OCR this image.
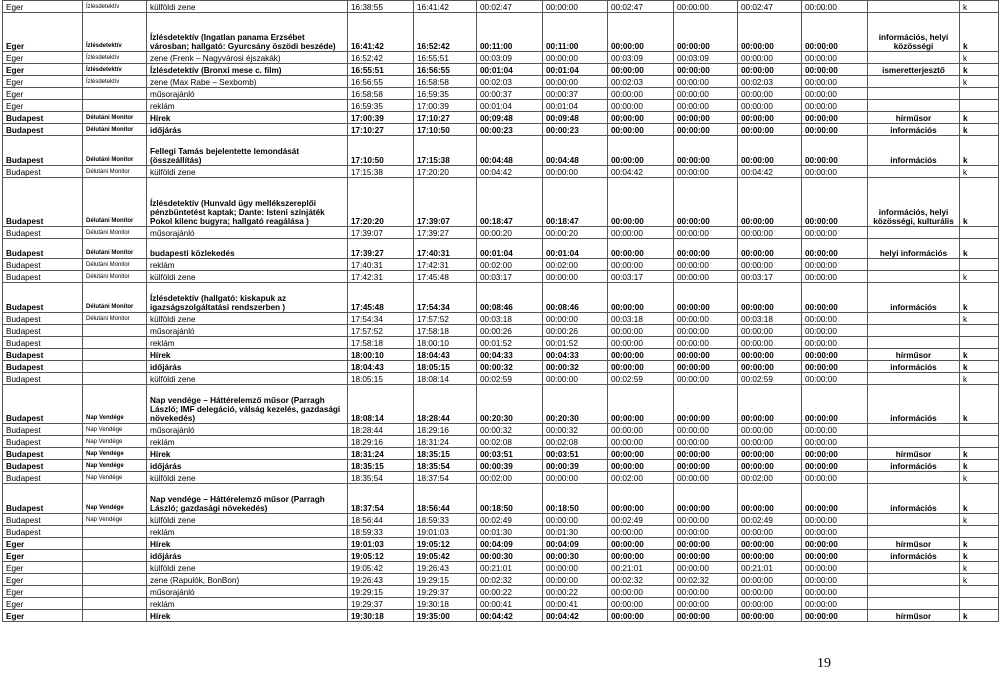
Eger	Ízlésdetektív	külföldi zene	16:38:55	16:41:42	00:02:47	00:00:00	00:02:47	00:00:00	00:02:47	00:00:00		k
Eger	Ízlésdetektív	Ízlésdetektív (Ingatlan panama Erzsébet városban; hallgató: Gyurcsány öszödi beszéde)	16:41:42	16:52:42	00:11:00	00:11:00	00:00:00	00:00:00	00:00:00	00:00:00	információs, helyi közösségi	k
Eger	Ízlésdetektív	zene (Frenk – Nagyvárosi éjszakák)	16:52:42	16:55:51	00:03:09	00:00:00	00:03:09	00:03:09	00:00:00	00:00:00		k
Eger	Ízlésdetektív	Ízlésdetektív (Bronxi mese c. film)	16:55:51	16:56:55	00:01:04	00:01:04	00:00:00	00:00:00	00:00:00	00:00:00	ismeretterjesztő	k
Eger	Ízlésdetektív	zene (Max Rabe – Sexbomb)	16:56:55	16:58:58	00:02:03	00:00:00	00:02:03	00:00:00	00:02:03	00:00:00		k
Eger		műsorajánló	16:58:58	16:59:35	00:00:37	00:00:37	00:00:00	00:00:00	00:00:00	00:00:00		
Eger		reklám	16:59:35	17:00:39	00:01:04	00:01:04	00:00:00	00:00:00	00:00:00	00:00:00		
Budapest	Délutáni Monitor	Hírek	17:00:39	17:10:27	00:09:48	00:09:48	00:00:00	00:00:00	00:00:00	00:00:00	hírműsor	k
Budapest	Délutáni Monitor	időjárás	17:10:27	17:10:50	00:00:23	00:00:23	00:00:00	00:00:00	00:00:00	00:00:00	információs	k
Budapest	Délutáni Monitor	Fellegi Tamás bejelentette lemondását (összeállítás)	17:10:50	17:15:38	00:04:48	00:04:48	00:00:00	00:00:00	00:00:00	00:00:00	információs	k
Budapest	Délutáni Monitor	külföldi zene	17:15:38	17:20:20	00:04:42	00:00:00	00:04:42	00:00:00	00:04:42	00:00:00		k
Budapest	Délutáni Monitor	Ízlésdetektív (Hunvald ügy mellékszereplői pénzbüntetést kaptak; Dante: Isteni színjáték Pokol kilenc bugyra; hallgató reagálása )	17:20:20	17:39:07	00:18:47	00:18:47	00:00:00	00:00:00	00:00:00	00:00:00	információs, helyi közösségi, kulturális	k
Budapest	Délutáni Monitor	műsorajánló	17:39:07	17:39:27	00:00:20	00:00:20	00:00:00	00:00:00	00:00:00	00:00:00		
Budapest	Délutáni Monitor	budapesti közlekedés	17:39:27	17:40:31	00:01:04	00:01:04	00:00:00	00:00:00	00:00:00	00:00:00	helyi információs	k
Budapest	Délutáni Monitor	reklám	17:40:31	17:42:31	00:02:00	00:02:00	00:00:00	00:00:00	00:00:00	00:00:00		
Budapest	Délutáni Monitor	külföldi zene	17:42:31	17:45:48	00:03:17	00:00:00	00:03:17	00:00:00	00:03:17	00:00:00		k
Budapest	Délutáni Monitor	Ízlésdetektív (hallgató: kiskapuk az igazságszolgáltatási rendszerben )	17:45:48	17:54:34	00:08:46	00:08:46	00:00:00	00:00:00	00:00:00	00:00:00	információs	k
Budapest	Délutáni Monitor	külföldi zene	17:54:34	17:57:52	00:03:18	00:00:00	00:03:18	00:00:00	00:03:18	00:00:00		k
Budapest		műsorajánló	17:57:52	17:58:18	00:00:26	00:00:26	00:00:00	00:00:00	00:00:00	00:00:00		
Budapest		reklám	17:58:18	18:00:10	00:01:52	00:01:52	00:00:00	00:00:00	00:00:00	00:00:00		
Budapest		Hírek	18:00:10	18:04:43	00:04:33	00:04:33	00:00:00	00:00:00	00:00:00	00:00:00	hírműsor	k
Budapest		időjárás	18:04:43	18:05:15	00:00:32	00:00:32	00:00:00	00:00:00	00:00:00	00:00:00	információs	k
Budapest		külföldi zene	18:05:15	18:08:14	00:02:59	00:00:00	00:02:59	00:00:00	00:02:59	00:00:00		k
Budapest	Nap Vendége	Nap vendége – Háttérelemző műsor (Parragh László; IMF delegáció, válság kezelés, gazdasági növekedés)	18:08:14	18:28:44	00:20:30	00:20:30	00:00:00	00:00:00	00:00:00	00:00:00	információs	k
Budapest	Nap Vendége	műsorajánló	18:28:44	18:29:16	00:00:32	00:00:32	00:00:00	00:00:00	00:00:00	00:00:00		
Budapest	Nap Vendége	reklám	18:29:16	18:31:24	00:02:08	00:02:08	00:00:00	00:00:00	00:00:00	00:00:00		
Budapest	Nap Vendége	Hírek	18:31:24	18:35:15	00:03:51	00:03:51	00:00:00	00:00:00	00:00:00	00:00:00	hírműsor	k
Budapest	Nap Vendége	időjárás	18:35:15	18:35:54	00:00:39	00:00:39	00:00:00	00:00:00	00:00:00	00:00:00	információs	k
Budapest	Nap Vendége	külföldi zene	18:35:54	18:37:54	00:02:00	00:00:00	00:02:00	00:00:00	00:02:00	00:00:00		k
Budapest	Nap Vendége	Nap vendége – Háttérelemző műsor (Parragh László; gazdasági növekedés)	18:37:54	18:56:44	00:18:50	00:18:50	00:00:00	00:00:00	00:00:00	00:00:00	információs	k
Budapest	Nap Vendége	külföldi zene	18:56:44	18:59:33	00:02:49	00:00:00	00:02:49	00:00:00	00:02:49	00:00:00		k
Budapest		reklám	18:59:33	19:01:03	00:01:30	00:01:30	00:00:00	00:00:00	00:00:00	00:00:00		
Eger		Hírek	19:01:03	19:05:12	00:04:09	00:04:09	00:00:00	00:00:00	00:00:00	00:00:00	hírműsor	k
Eger		időjárás	19:05:12	19:05:42	00:00:30	00:00:30	00:00:00	00:00:00	00:00:00	00:00:00	információs	k
Eger		külföldi zene	19:05:42	19:26:43	00:21:01	00:00:00	00:21:01	00:00:00	00:21:01	00:00:00		k
Eger		zene (Rapulók, BonBon)	19:26:43	19:29:15	00:02:32	00:00:00	00:02:32	00:02:32	00:00:00	00:00:00		k
Eger		műsorajánló	19:29:15	19:29:37	00:00:22	00:00:22	00:00:00	00:00:00	00:00:00	00:00:00		
Eger		reklám	19:29:37	19:30:18	00:00:41	00:00:41	00:00:00	00:00:00	00:00:00	00:00:00		
Eger		Hírek	19:30:18	19:35:00	00:04:42	00:04:42	00:00:00	00:00:00	00:00:00	00:00:00	hírműsor	k
19
